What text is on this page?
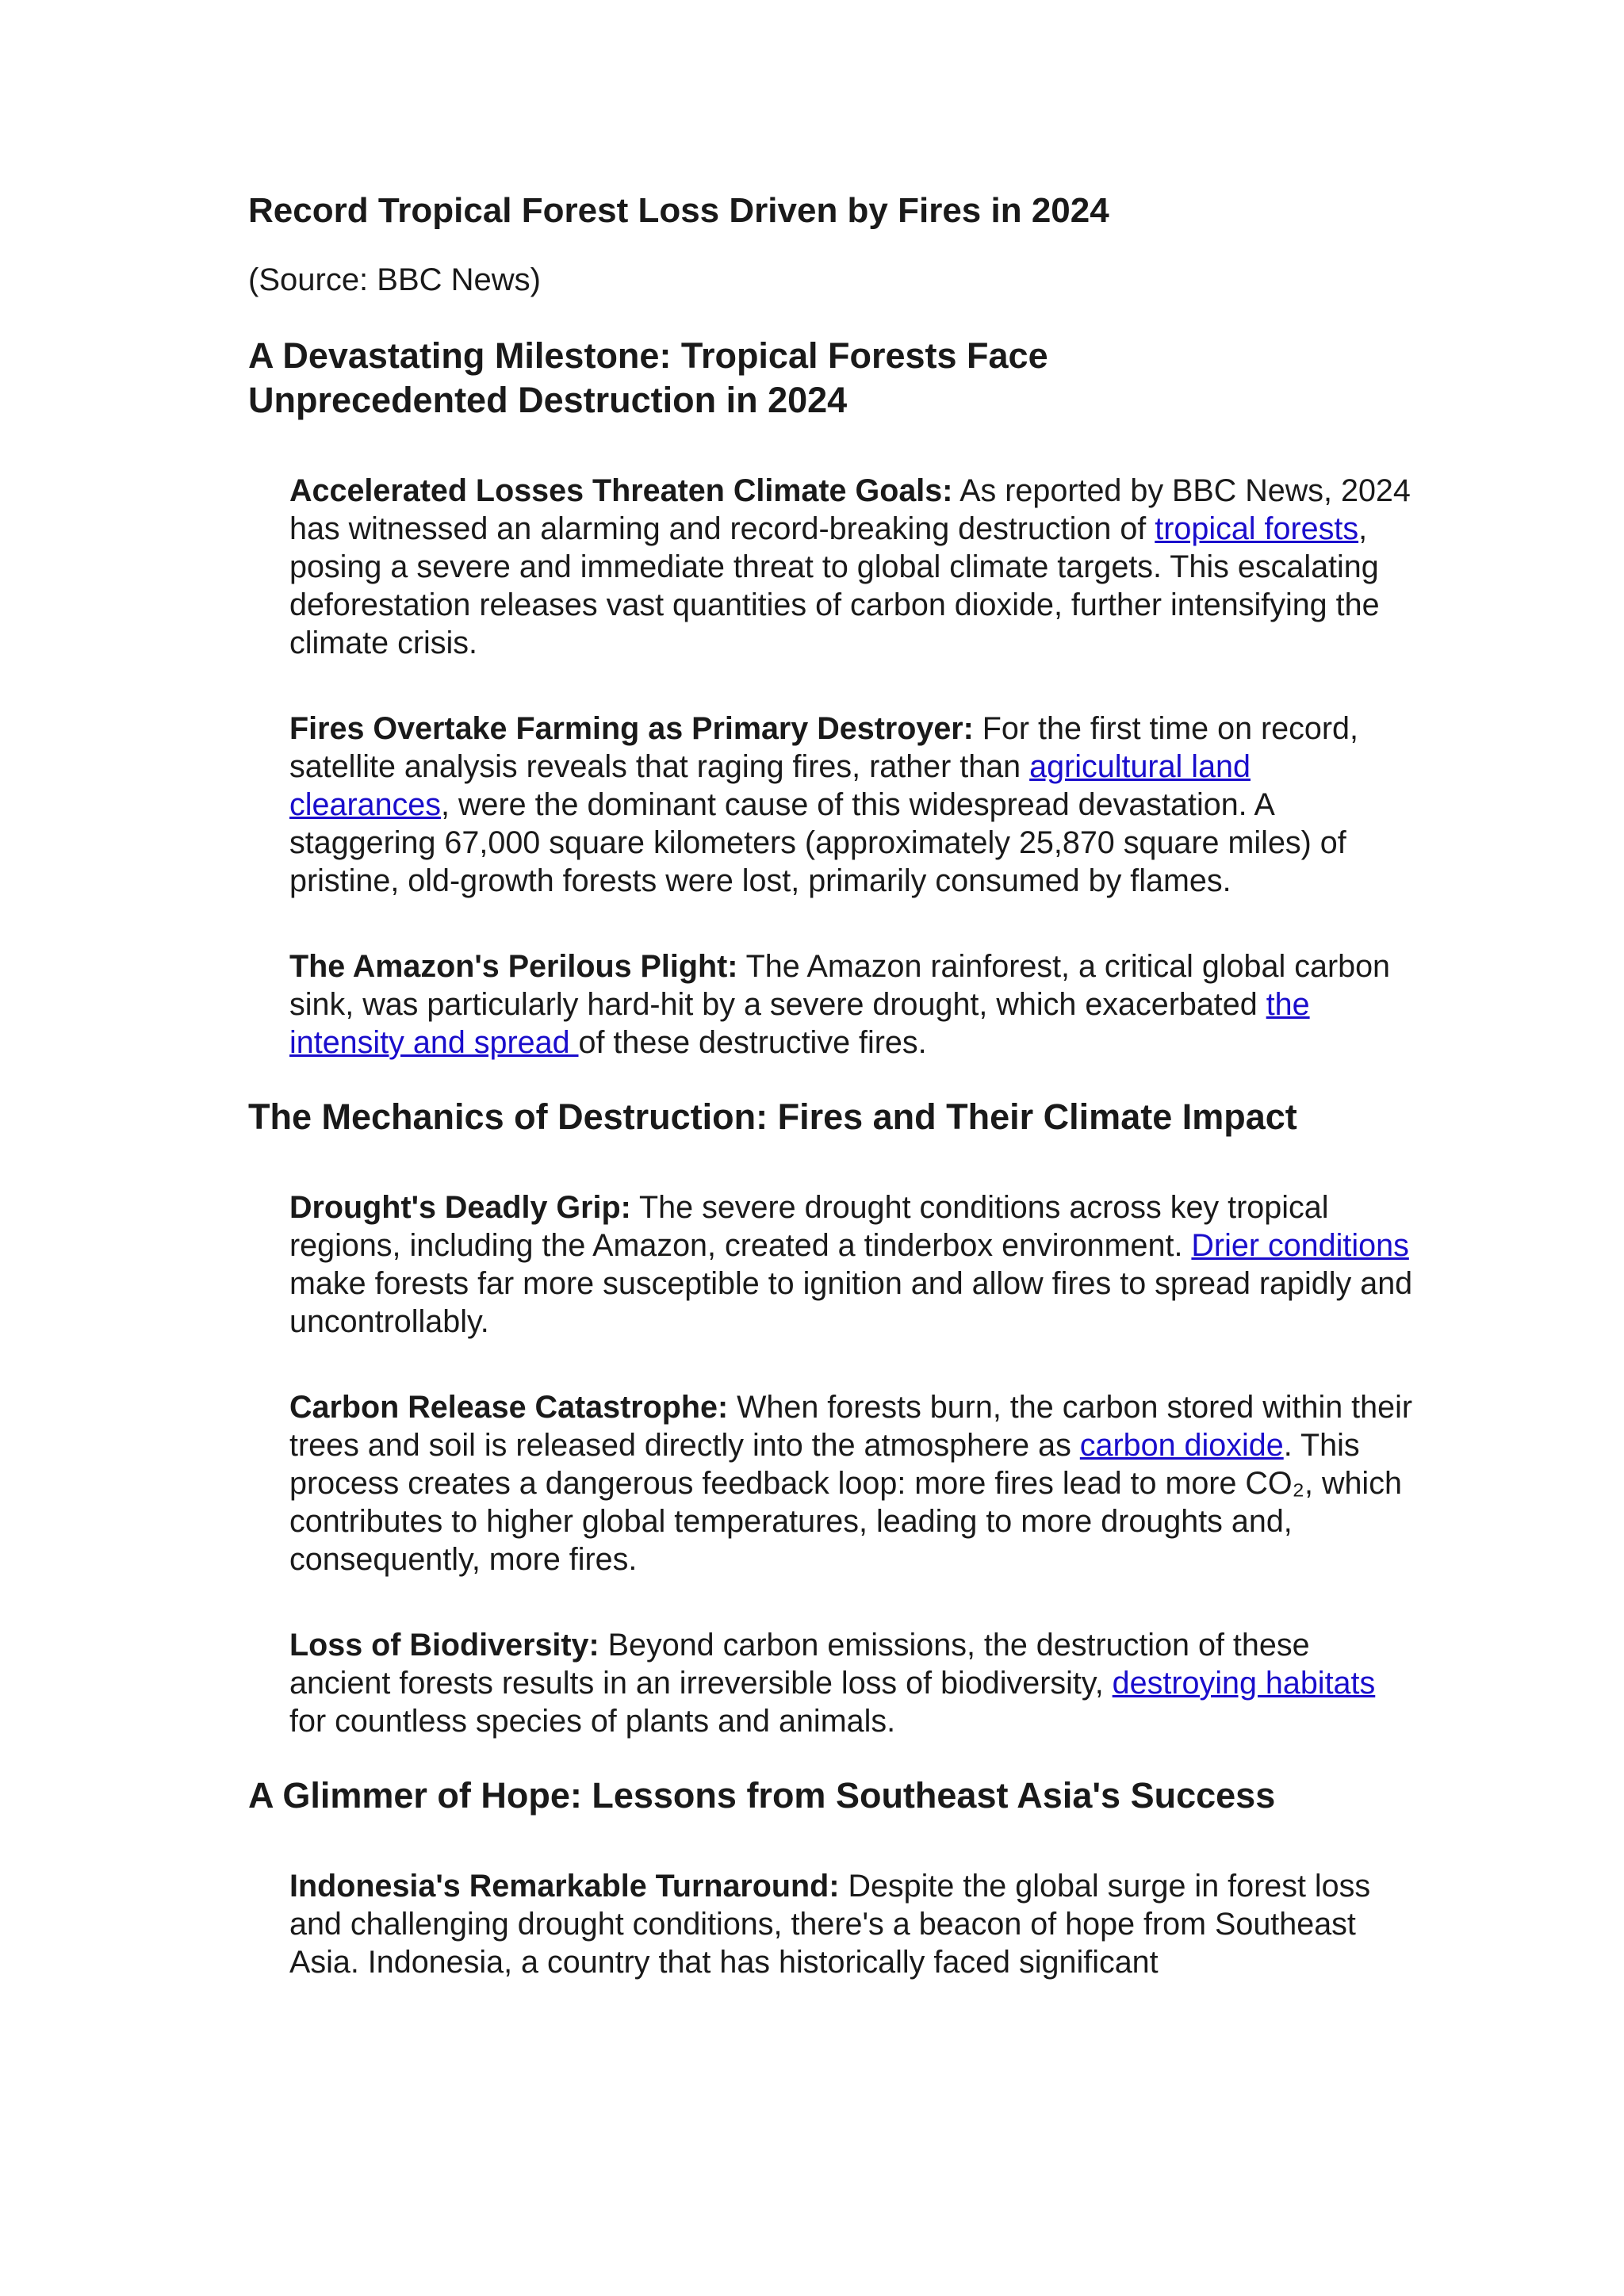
Record Tropical Forest Loss Driven by Fires in 2024

(Source: BBC News)

A Devastating Milestone: Tropical Forests Face
Unprecedented Destruction in 2024

Accelerated Losses Threaten Climate Goals: As reported by BBC News, 2024 has witnessed an alarming and record-breaking destruction of tropical forests, posing a severe and immediate threat to global climate targets. This escalating deforestation releases vast quantities of carbon dioxide, further intensifying the climate crisis.

Fires Overtake Farming as Primary Destroyer: For the first time on record, satellite analysis reveals that raging fires, rather than agricultural land clearances, were the dominant cause of this widespread devastation. A staggering 67,000 square kilometers (approximately 25,870 square miles) of pristine, old-growth forests were lost, primarily consumed by flames.

The Amazon's Perilous Plight: The Amazon rainforest, a critical global carbon sink, was particularly hard-hit by a severe drought, which exacerbated the intensity and spread of these destructive fires.

The Mechanics of Destruction: Fires and Their Climate Impact

Drought's Deadly Grip: The severe drought conditions across key tropical regions, including the Amazon, created a tinderbox environment. Drier conditions make forests far more susceptible to ignition and allow fires to spread rapidly and uncontrollably.

Carbon Release Catastrophe: When forests burn, the carbon stored within their trees and soil is released directly into the atmosphere as carbon dioxide. This process creates a dangerous feedback loop: more fires lead to more CO₂, which contributes to higher global temperatures, leading to more droughts and, consequently, more fires.

Loss of Biodiversity: Beyond carbon emissions, the destruction of these ancient forests results in an irreversible loss of biodiversity, destroying habitats for countless species of plants and animals.

A Glimmer of Hope: Lessons from Southeast Asia's Success

Indonesia's Remarkable Turnaround: Despite the global surge in forest loss and challenging drought conditions, there's a beacon of hope from Southeast Asia. Indonesia, a country that has historically faced significant
